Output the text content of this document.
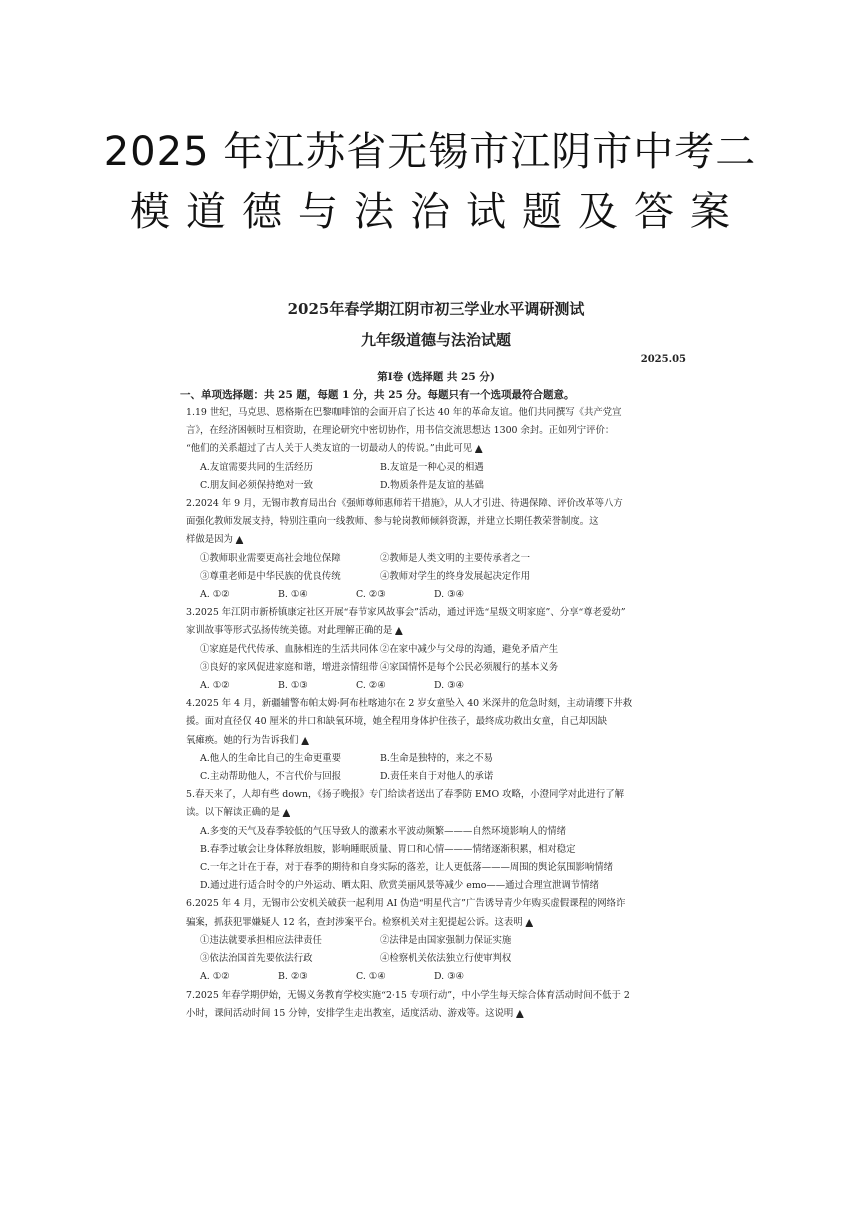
2025 年江苏省无锡市江阴市中考二
模道德与法治试题及答案
2025年春学期江阴市初三学业水平调研测试
九年级道德与法治试题
2025.05
第Ⅰ卷 (选择题 共 25 分)
一、单项选择题：共 25 题，每题 1 分，共 25 分。每题只有一个选项最符合题意。
1.19 世纪，马克思、恩格斯在巴黎咖啡馆的会面开启了长达 40 年的革命友谊。他们共同撰写《共产党宣
言》，在经济困顿时互相资助，在理论研究中密切协作，用书信交流思想达 1300 余封。正如列宁评价：
“他们的关系超过了古人关于人类友谊的一切最动人的传说。”由此可见 ▲
A.友谊需要共同的生活经历	B.友谊是一种心灵的相遇
C.朋友间必须保持绝对一致	D.物质条件是友谊的基础
2.2024 年 9 月，无锡市教育局出台《强师尊师惠师若干措施》，从人才引进、待遇保障、评价改革等八方
面强化教师发展支持，特别注重向一线教师、参与轮岗教师倾斜资源，并建立长期任教荣誉制度。这
样做是因为 ▲
①教师职业需要更高社会地位保障	②教师是人类文明的主要传承者之一
③尊重老师是中华民族的优良传统	④教师对学生的终身发展起决定作用
A. ①②	B. ①④	C. ②③	D. ③④
3.2025 年江阴市新桥镇康定社区开展“春节家风故事会”活动，通过评选“星级文明家庭”、分享“尊老爱幼”
家训故事等形式弘扬传统美德。对此理解正确的是 ▲
①家庭是代代传承、血脉相连的生活共同体 ②在家中减少与父母的沟通，避免矛盾产生
③良好的家风促进家庭和谐，增进亲情纽带 ④家国情怀是每个公民必须履行的基本义务
A. ①②	B. ①③	C. ②④	D. ③④
4.2025 年 4 月，新疆辅警布帕太姆·阿布杜喀迪尔在 2 岁女童坠入 40 米深井的危急时刻，主动请缨下井救
援。面对直径仅 40 厘米的井口和缺氧环境，她全程用身体护住孩子，最终成功救出女童，自己却因缺
氧瘫痪。她的行为告诉我们 ▲
A.他人的生命比自己的生命更重要	B.生命是独特的，来之不易
C.主动帮助他人，不言代价与回报	D.责任来自于对他人的承诺
5.春天来了，人却有些 down，《扬子晚报》专门给读者送出了春季防 EMO 攻略，小澄同学对此进行了解
读。以下解读正确的是 ▲
A.多变的天气及春季较低的气压导致人的激素水平波动频繁———自然环境影响人的情绪
B.春季过敏会让身体释放组胺，影响睡眠质量、胃口和心情———情绪逐渐积累，相对稳定
C.一年之计在于春，对于春季的期待和自身实际的落差，让人更低落———周围的舆论氛围影响情绪
D.通过进行适合时令的户外运动、晒太阳、欣赏美丽风景等减少 emo——通过合理宣泄调节情绪
6.2025 年 4 月，无锡市公安机关破获一起利用 AI 伪造“明星代言”广告诱导青少年购买虚假课程的网络诈
骗案，抓获犯罪嫌疑人 12 名，查封涉案平台。检察机关对主犯提起公诉。这表明 ▲
①违法就要承担相应法律责任	②法律是由国家强制力保证实施
③依法治国首先要依法行政	④检察机关依法独立行使审判权
A. ①②	B. ②③	C. ①④	D. ③④
7.2025 年春学期伊始，无锡义务教育学校实施“2·15 专项行动”，中小学生每天综合体育活动时间不低于 2
小时，课间活动时间 15 分钟，安排学生走出教室，适度活动、游戏等。这说明 ▲
